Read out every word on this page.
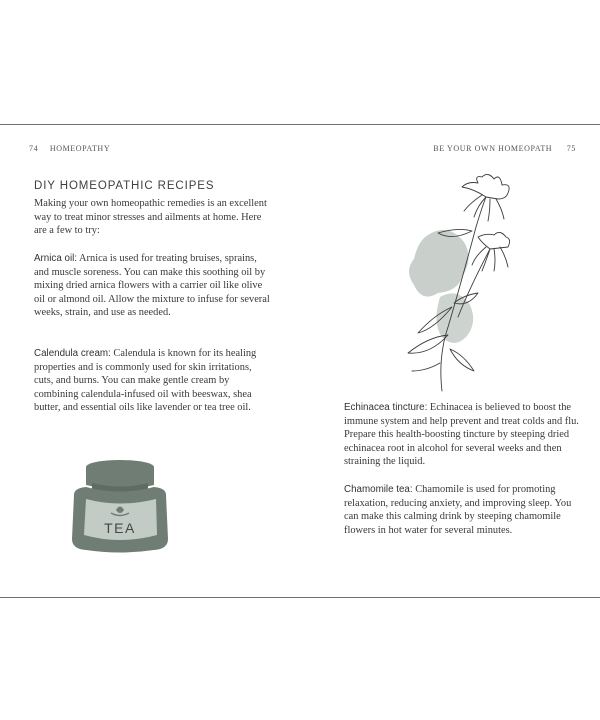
74 HOMEOPATHY	BE YOUR OWN HOMEOPATH 75
DIY HOMEOPATHIC RECIPES

Making your own homeopathic remedies is an excellent way to treat minor stresses and ailments at home. Here are a few to try:

Arnica oil: Arnica is used for treating bruises, sprains, and muscle soreness. You can make this soothing oil by mixing dried arnica flowers with a carrier oil like olive oil or almond oil. Allow the mixture to infuse for several weeks, strain, and use as needed.

Calendula cream: Calendula is known for its healing properties and is commonly used for skin irritations, cuts, and burns. You can make gentle cream by combining calendula-infused oil with beeswax, shea butter, and essential oils like lavender or tea tree oil.

TEA

Echinacea tincture: Echinacea is believed to boost the immune system and help prevent and treat colds and flu. Prepare this health-boosting tincture by steeping dried echinacea root in alcohol for several weeks and then straining the liquid.

Chamomile tea: Chamomile is used for promoting relaxation, reducing anxiety, and improving sleep. You can make this calming drink by steeping chamomile flowers in hot water for several minutes.
